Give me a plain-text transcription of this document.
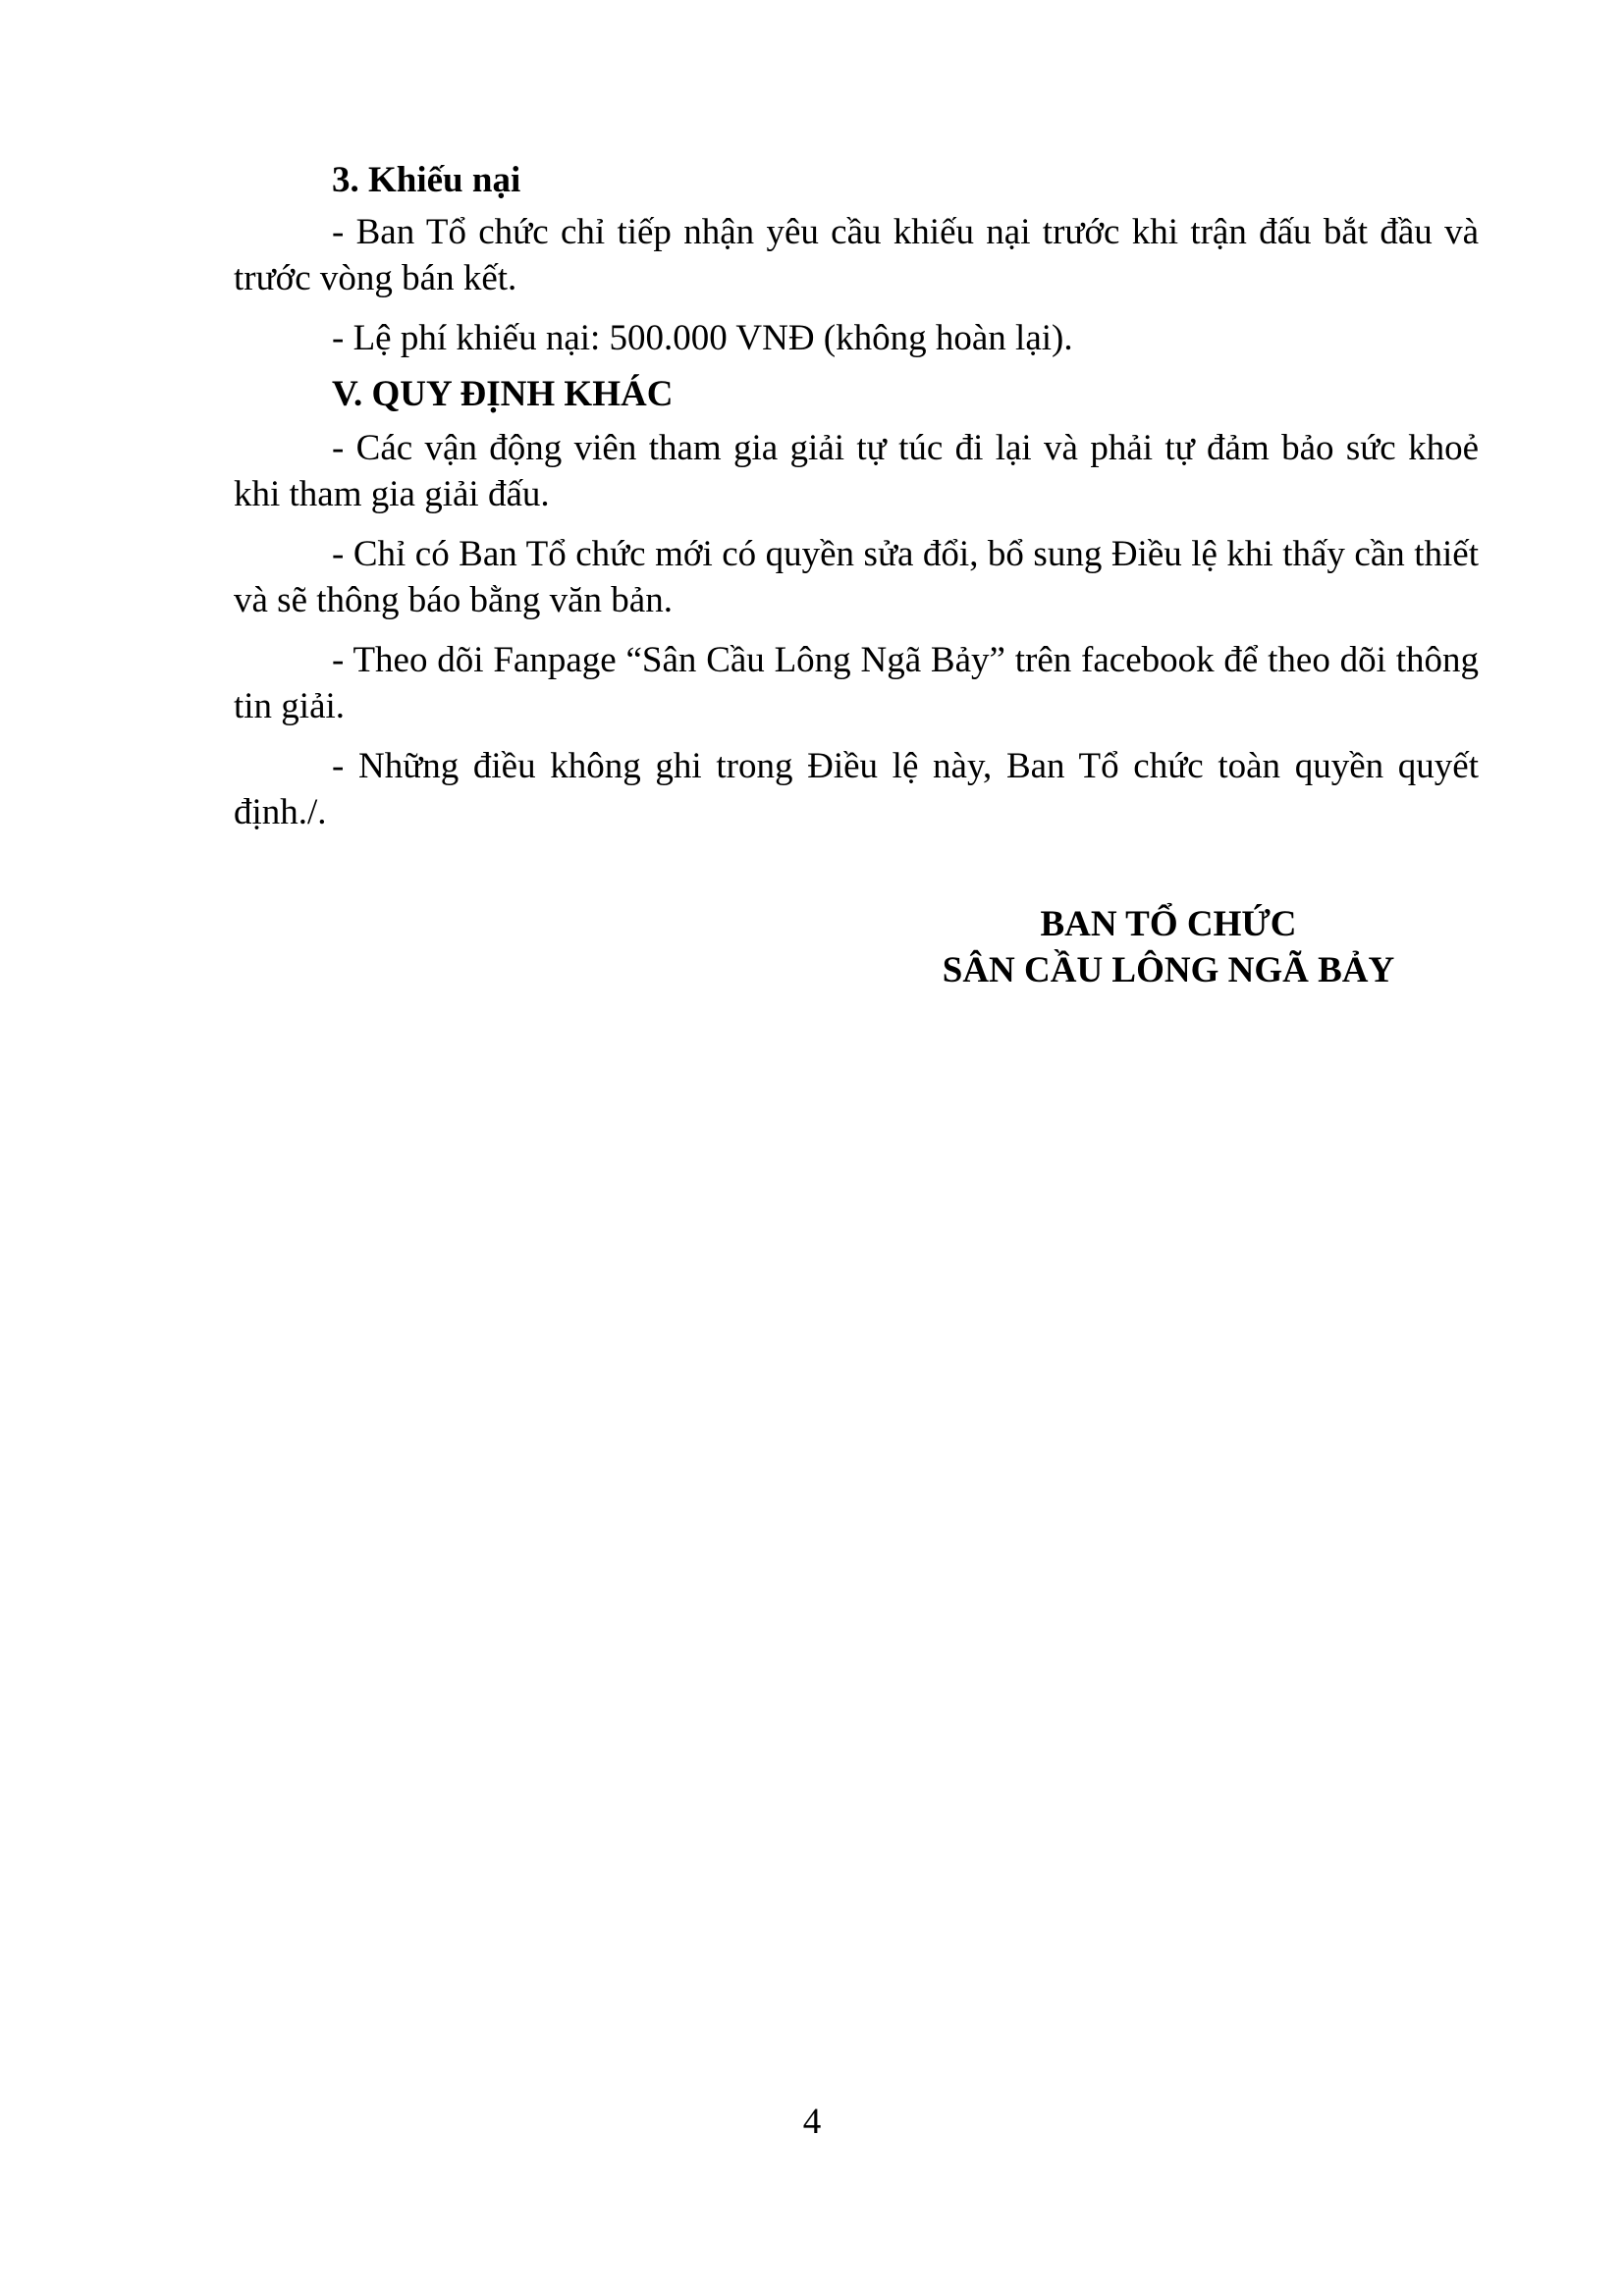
3. Khiếu nại

- Ban Tổ chức chỉ tiếp nhận yêu cầu khiếu nại trước khi trận đấu bắt đầu và trước vòng bán kết.

- Lệ phí khiếu nại: 500.000 VNĐ (không hoàn lại).

V. QUY ĐỊNH KHÁC

- Các vận động viên tham gia giải tự túc đi lại và phải tự đảm bảo sức khoẻ khi tham gia giải đấu.

- Chỉ có Ban Tổ chức mới có quyền sửa đổi, bổ sung Điều lệ khi thấy cần thiết và sẽ thông báo bằng văn bản.

- Theo dõi Fanpage “Sân Cầu Lông Ngã Bảy” trên facebook để theo dõi thông tin giải.

- Những điều không ghi trong Điều lệ này, Ban Tổ chức toàn quyền quyết định./.

BAN TỔ CHỨC
SÂN CẦU LÔNG NGÃ BẢY
4
